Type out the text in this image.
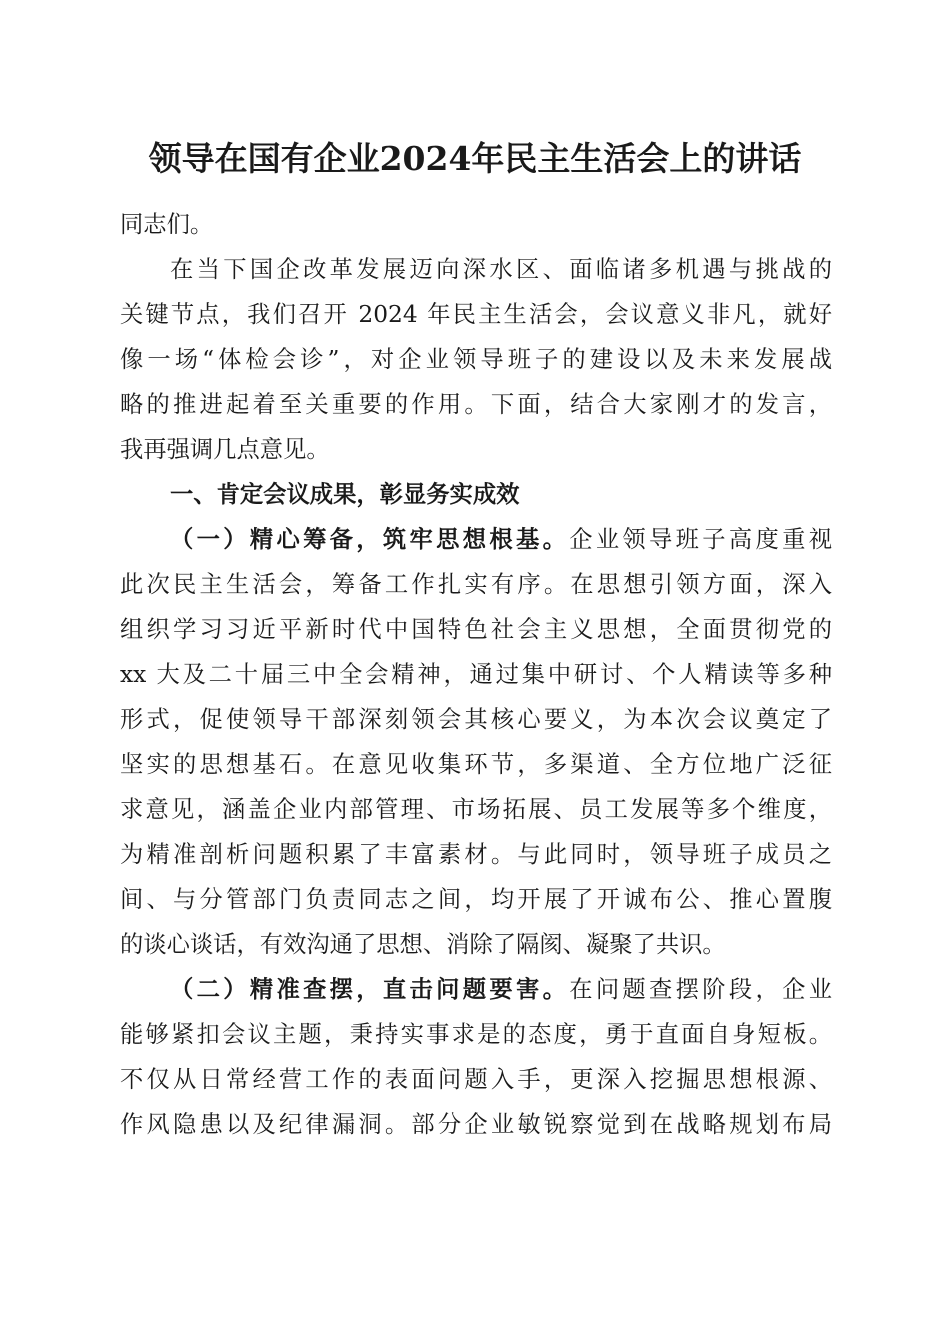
领导在国有企业2024年民主生活会上的讲话
同志们。
在当下国企改革发展迈向深水区、面临诸多机遇与挑战的
关键节点，我们召开 2024 年民主生活会，会议意义非凡，就好
像一场“体检会诊”，对企业领导班子的建设以及未来发展战
略的推进起着至关重要的作用。下面，结合大家刚才的发言，
我再强调几点意见。
一、肯定会议成果，彰显务实成效
（一）精心筹备，筑牢思想根基。企业领导班子高度重视
此次民主生活会，筹备工作扎实有序。在思想引领方面，深入
组织学习习近平新时代中国特色社会主义思想，全面贯彻党的
xx 大及二十届三中全会精神，通过集中研讨、个人精读等多种
形式，促使领导干部深刻领会其核心要义，为本次会议奠定了
坚实的思想基石。在意见收集环节，多渠道、全方位地广泛征
求意见，涵盖企业内部管理、市场拓展、员工发展等多个维度，
为精准剖析问题积累了丰富素材。与此同时，领导班子成员之
间、与分管部门负责同志之间，均开展了开诚布公、推心置腹
的谈心谈话，有效沟通了思想、消除了隔阂、凝聚了共识。
（二）精准查摆，直击问题要害。在问题查摆阶段，企业
能够紧扣会议主题，秉持实事求是的态度，勇于直面自身短板。
不仅从日常经营工作的表面问题入手，更深入挖掘思想根源、
作风隐患以及纪律漏洞。部分企业敏锐察觉到在战略规划布局
